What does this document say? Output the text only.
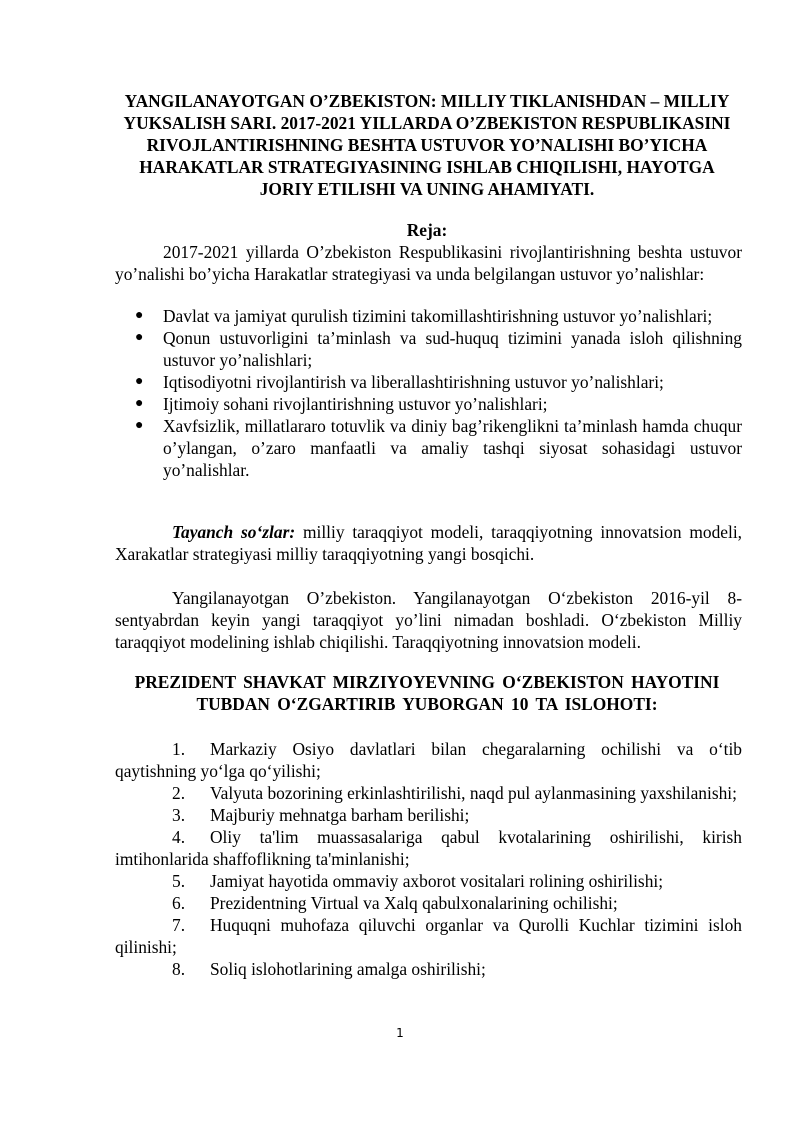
YANGILANAYOTGAN O’ZBEKISTON: MILLIY TIKLANISHDAN – MILLIY YUKSALISH SARI. 2017-2021 YILLARDA O’ZBEKISTON RESPUBLIKASINI RIVOJLANTIRISHNING BESHTA USTUVOR YO’NALISHI BO’YICHA HARAKATLAR STRATEGIYASINING ISHLAB CHIQILISHI, HAYOTGA JORIY ETILISHI VA UNING AHAMIYATI.
Reja:

2017-2021 yillarda O’zbekiston Respublikasini rivojlantirishning beshta ustuvor yo’nalishi bo’yicha Harakatlar strategiyasi va unda belgilangan ustuvor yo’nalishlar:

● Davlat va jamiyat qurulish tizimini takomillashtirishning ustuvor yo’nalishlari;
● Qonun ustuvorligini ta’minlash va sud-huquq tizimini yanada isloh qilishning ustuvor yo’nalishlari;
● Iqtisodiyotni rivojlantirish va liberallashtirishning ustuvor yo’nalishlari;
● Ijtimoiy sohani rivojlantirishning ustuvor yo’nalishlari;
● Xavfsizlik, millatlararo totuvlik va diniy bag’rikenglikni ta’minlash hamda chuqur o’ylangan, o’zaro manfaatli va amaliy tashqi siyosat sohasidagi ustuvor yo’nalishlar.

Tayanch so‘zlar: milliy taraqqiyot modeli, taraqqiyotning innovatsion modeli, Xarakatlar strategiyasi milliy taraqqiyotning yangi bosqichi.

Yangilanayotgan O’zbekiston. Yangilanayotgan O‘zbekiston 2016-yil 8-sentyabrdan keyin yangi taraqqiyot yo’lini nimadan boshladi. O‘zbekiston Milliy taraqqiyot modelining ishlab chiqilishi. Taraqqiyotning innovatsion modeli.

PREZIDENT SHAVKAT MIRZIYOYEVNING O‘ZBEKISTON HAYOTINI TUBDAN O‘ZGARTIRIB YUBORGAN 10 TA ISLOHOTI:
1. Markaziy Osiyo davlatlari bilan chegaralarning ochilishi va o‘tib qaytishning yo‘lga qo‘yilishi;
2. Valyuta bozorining erkinlashtirilishi, naqd pul aylanmasining yaxshilanishi;
3. Majburiy mehnatga barham berilishi;
4. Oliy ta'lim muassasalariga qabul kvotalarining oshirilishi, kirish imtihonlarida shaffoflikning ta'minlanishi;
5. Jamiyat hayotida ommaviy axborot vositalari rolining oshirilishi;
6. Prezidentning Virtual va Xalq qabulxonalarining ochilishi;
7. Huquqni muhofaza qiluvchi organlar va Qurolli Kuchlar tizimini isloh qilinishi;
8. Soliq islohotlarining amalga oshirilishi;
1
